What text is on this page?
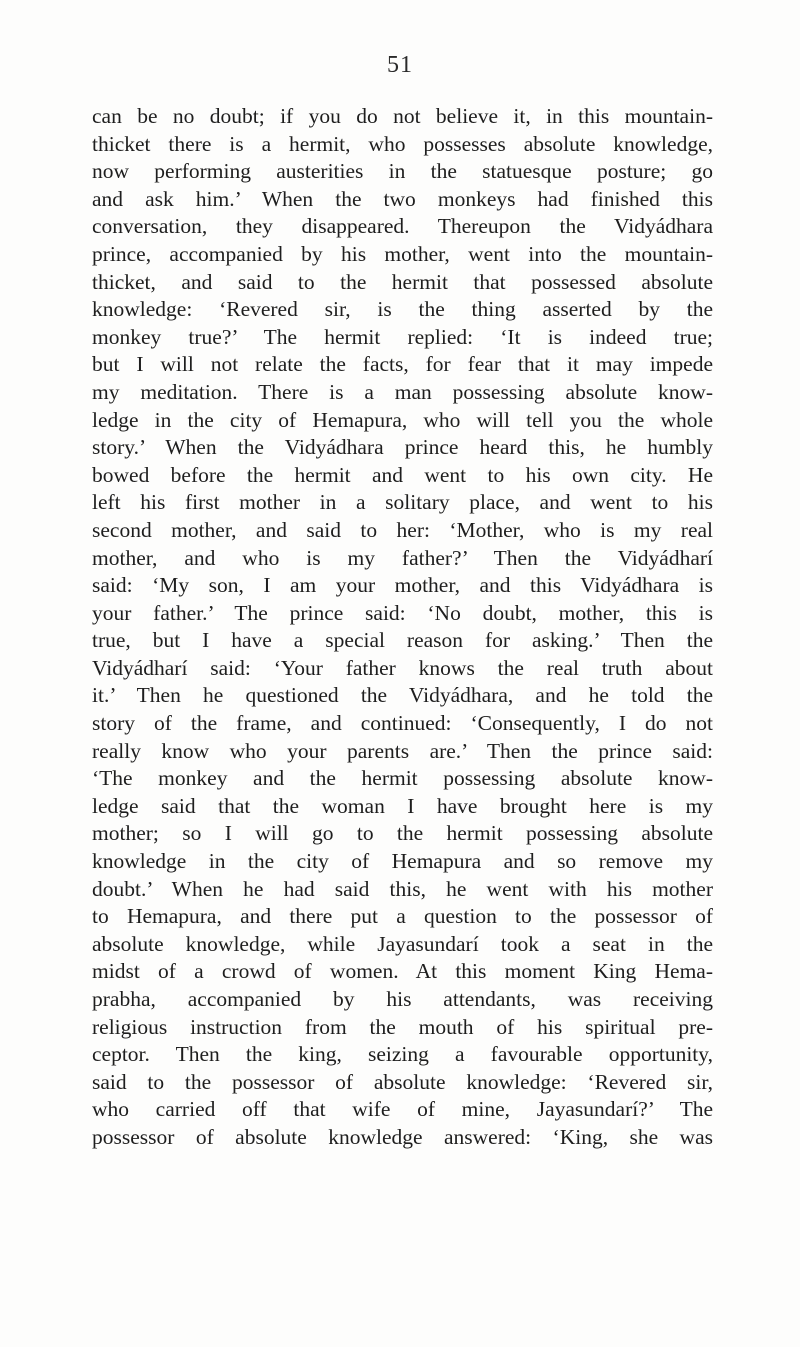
51
can be no doubt; if you do not believe it, in this mountain-
thicket there is a hermit, who possesses absolute knowledge,
now performing austerities in the statuesque posture; go
and ask him.’ When the two monkeys had finished this
conversation, they disappeared. Thereupon the Vidyádhara
prince, accompanied by his mother, went into the mountain-
thicket, and said to the hermit that possessed absolute
knowledge: ‘Revered sir, is the thing asserted by the
monkey true?’ The hermit replied: ‘It is indeed true;
but I will not relate the facts, for fear that it may impede
my meditation. There is a man possessing absolute know-
ledge in the city of Hemapura, who will tell you the whole
story.’ When the Vidyádhara prince heard this, he humbly
bowed before the hermit and went to his own city. He
left his first mother in a solitary place, and went to his
second mother, and said to her: ‘Mother, who is my real
mother, and who is my father?’ Then the Vidyádharí
said: ‘My son, I am your mother, and this Vidyádhara is
your father.’ The prince said: ‘No doubt, mother, this is
true, but I have a special reason for asking.’ Then the
Vidyádharí said: ‘Your father knows the real truth about
it.’ Then he questioned the Vidyádhara, and he told the
story of the frame, and continued: ‘Consequently, I do not
really know who your parents are.’ Then the prince said:
‘The monkey and the hermit possessing absolute know-
ledge said that the woman I have brought here is my
mother; so I will go to the hermit possessing absolute
knowledge in the city of Hemapura and so remove my
doubt.’ When he had said this, he went with his mother
to Hemapura, and there put a question to the possessor of
absolute knowledge, while Jayasundarí took a seat in the
midst of a crowd of women. At this moment King Hema-
prabha, accompanied by his attendants, was receiving
religious instruction from the mouth of his spiritual pre-
ceptor. Then the king, seizing a favourable opportunity,
said to the possessor of absolute knowledge: ‘Revered sir,
who carried off that wife of mine, Jayasundarí?’ The
possessor of absolute knowledge answered: ‘King, she was
